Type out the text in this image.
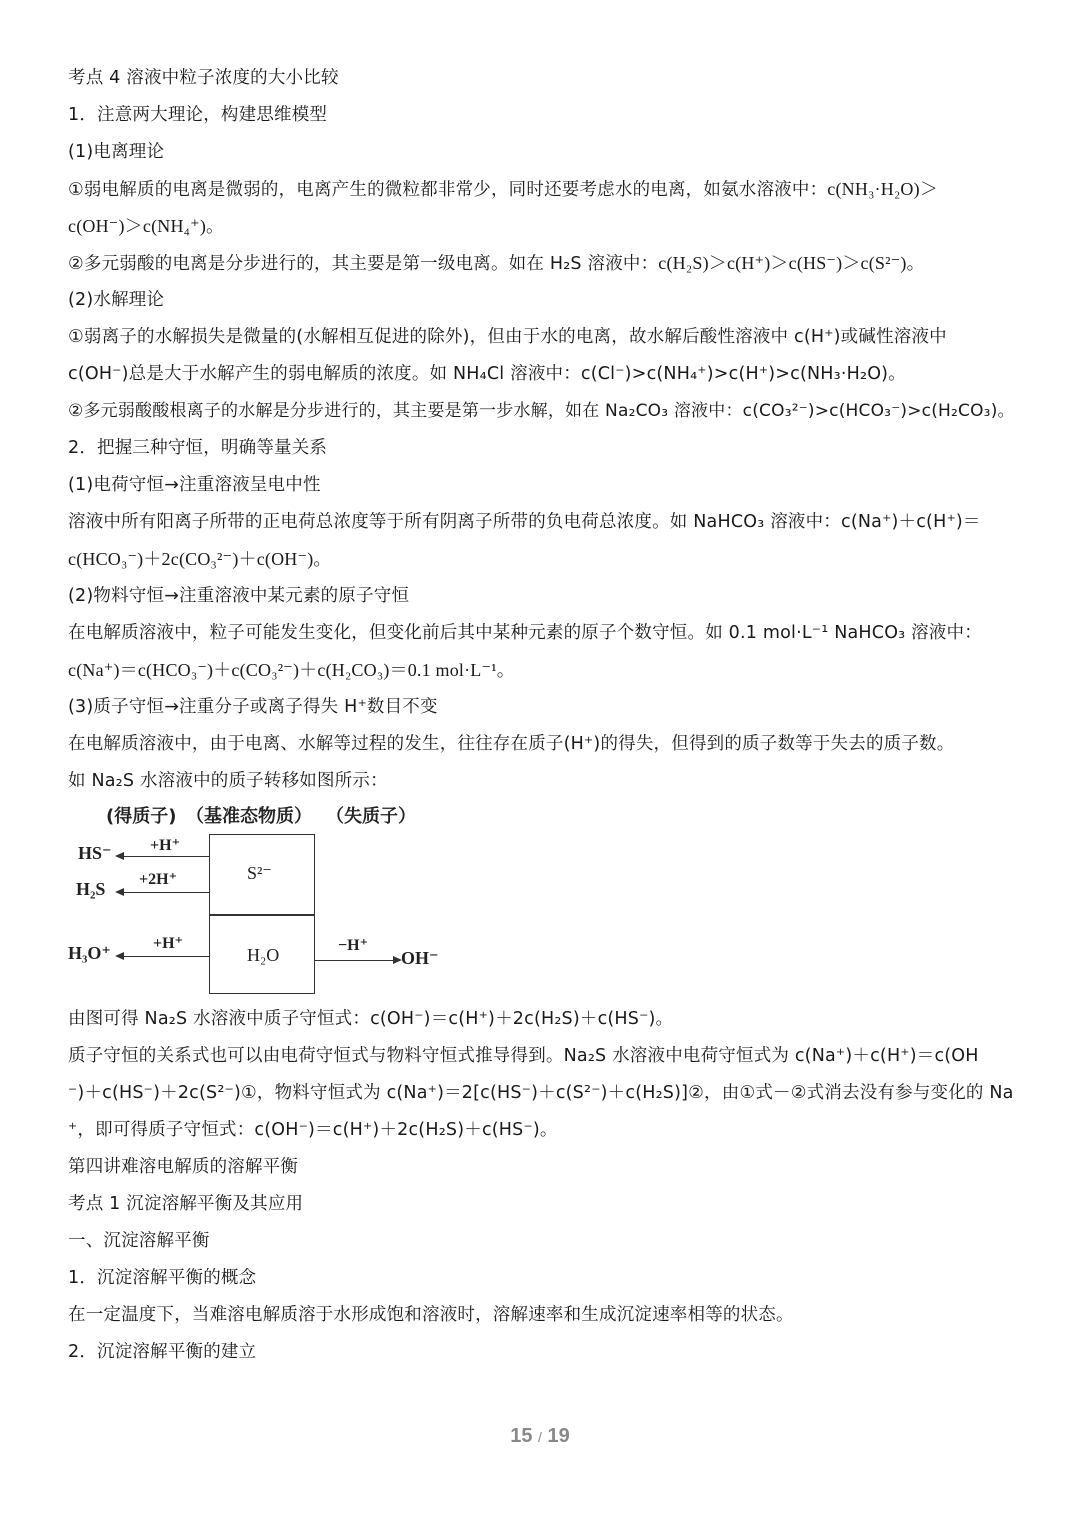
考点 4 溶液中粒子浓度的大小比较
1．注意两大理论，构建思维模型
(1)电离理论
①弱电解质的电离是微弱的，电离产生的微粒都非常少，同时还要考虑水的电离，如氨水溶液中：c(NH₃·H₂O)＞
c(OH⁻)＞c(NH₄⁺)。
②多元弱酸的电离是分步进行的，其主要是第一级电离。如在 H₂S 溶液中：c(H₂S)＞c(H⁺)＞c(HS⁻)＞c(S²⁻)。
(2)水解理论
①弱离子的水解损失是微量的(水解相互促进的除外)，但由于水的电离，故水解后酸性溶液中 c(H⁺)或碱性溶液中
c(OH⁻)总是大于水解产生的弱电解质的浓度。如 NH₄Cl 溶液中：c(Cl⁻)>c(NH₄⁺)>c(H⁺)>c(NH₃·H₂O)。
②多元弱酸酸根离子的水解是分步进行的，其主要是第一步水解，如在 Na₂CO₃ 溶液中：c(CO₃²⁻)>c(HCO₃⁻)>c(H₂CO₃)。
2．把握三种守恒，明确等量关系
(1)电荷守恒→注重溶液呈电中性
溶液中所有阳离子所带的正电荷总浓度等于所有阴离子所带的负电荷总浓度。如 NaHCO₃ 溶液中：c(Na⁺)＋c(H⁺)＝
c(HCO₃⁻)＋2c(CO₃²⁻)＋c(OH⁻)。
(2)物料守恒→注重溶液中某元素的原子守恒
在电解质溶液中，粒子可能发生变化，但变化前后其中某种元素的原子个数守恒。如 0.1 mol·L⁻¹ NaHCO₃ 溶液中：
c(Na⁺)＝c(HCO₃⁻)＋c(CO₃²⁻)＋c(H₂CO₃)＝0.1 mol·L⁻¹。
(3)质子守恒→注重分子或离子得失 H⁺数目不变
在电解质溶液中，由于电离、水解等过程的发生，往往存在质子(H⁺)的得失，但得到的质子数等于失去的质子数。
如 Na₂S 水溶液中的质子转移如图所示：
(得质子) （基准态物质） （失质子）
S²⁻
H₂O
HS⁻ +H⁺
H₂S +2H⁺
H₃O⁺	+H⁺	−H⁺
OH⁻
由图可得 Na₂S 水溶液中质子守恒式：c(OH⁻)＝c(H⁺)＋2c(H₂S)＋c(HS⁻)。
质子守恒的关系式也可以由电荷守恒式与物料守恒式推导得到。Na₂S 水溶液中电荷守恒式为 c(Na⁺)＋c(H⁺)＝c(OH
⁻)＋c(HS⁻)＋2c(S²⁻)①，物料守恒式为 c(Na⁺)＝2[c(HS⁻)＋c(S²⁻)＋c(H₂S)]②，由①式－②式消去没有参与变化的 Na
⁺，即可得质子守恒式：c(OH⁻)＝c(H⁺)＋2c(H₂S)＋c(HS⁻)。
第四讲难溶电解质的溶解平衡
考点 1 沉淀溶解平衡及其应用
一、沉淀溶解平衡
1．沉淀溶解平衡的概念
在一定温度下，当难溶电解质溶于水形成饱和溶液时，溶解速率和生成沉淀速率相等的状态。
2．沉淀溶解平衡的建立
15 / 19
